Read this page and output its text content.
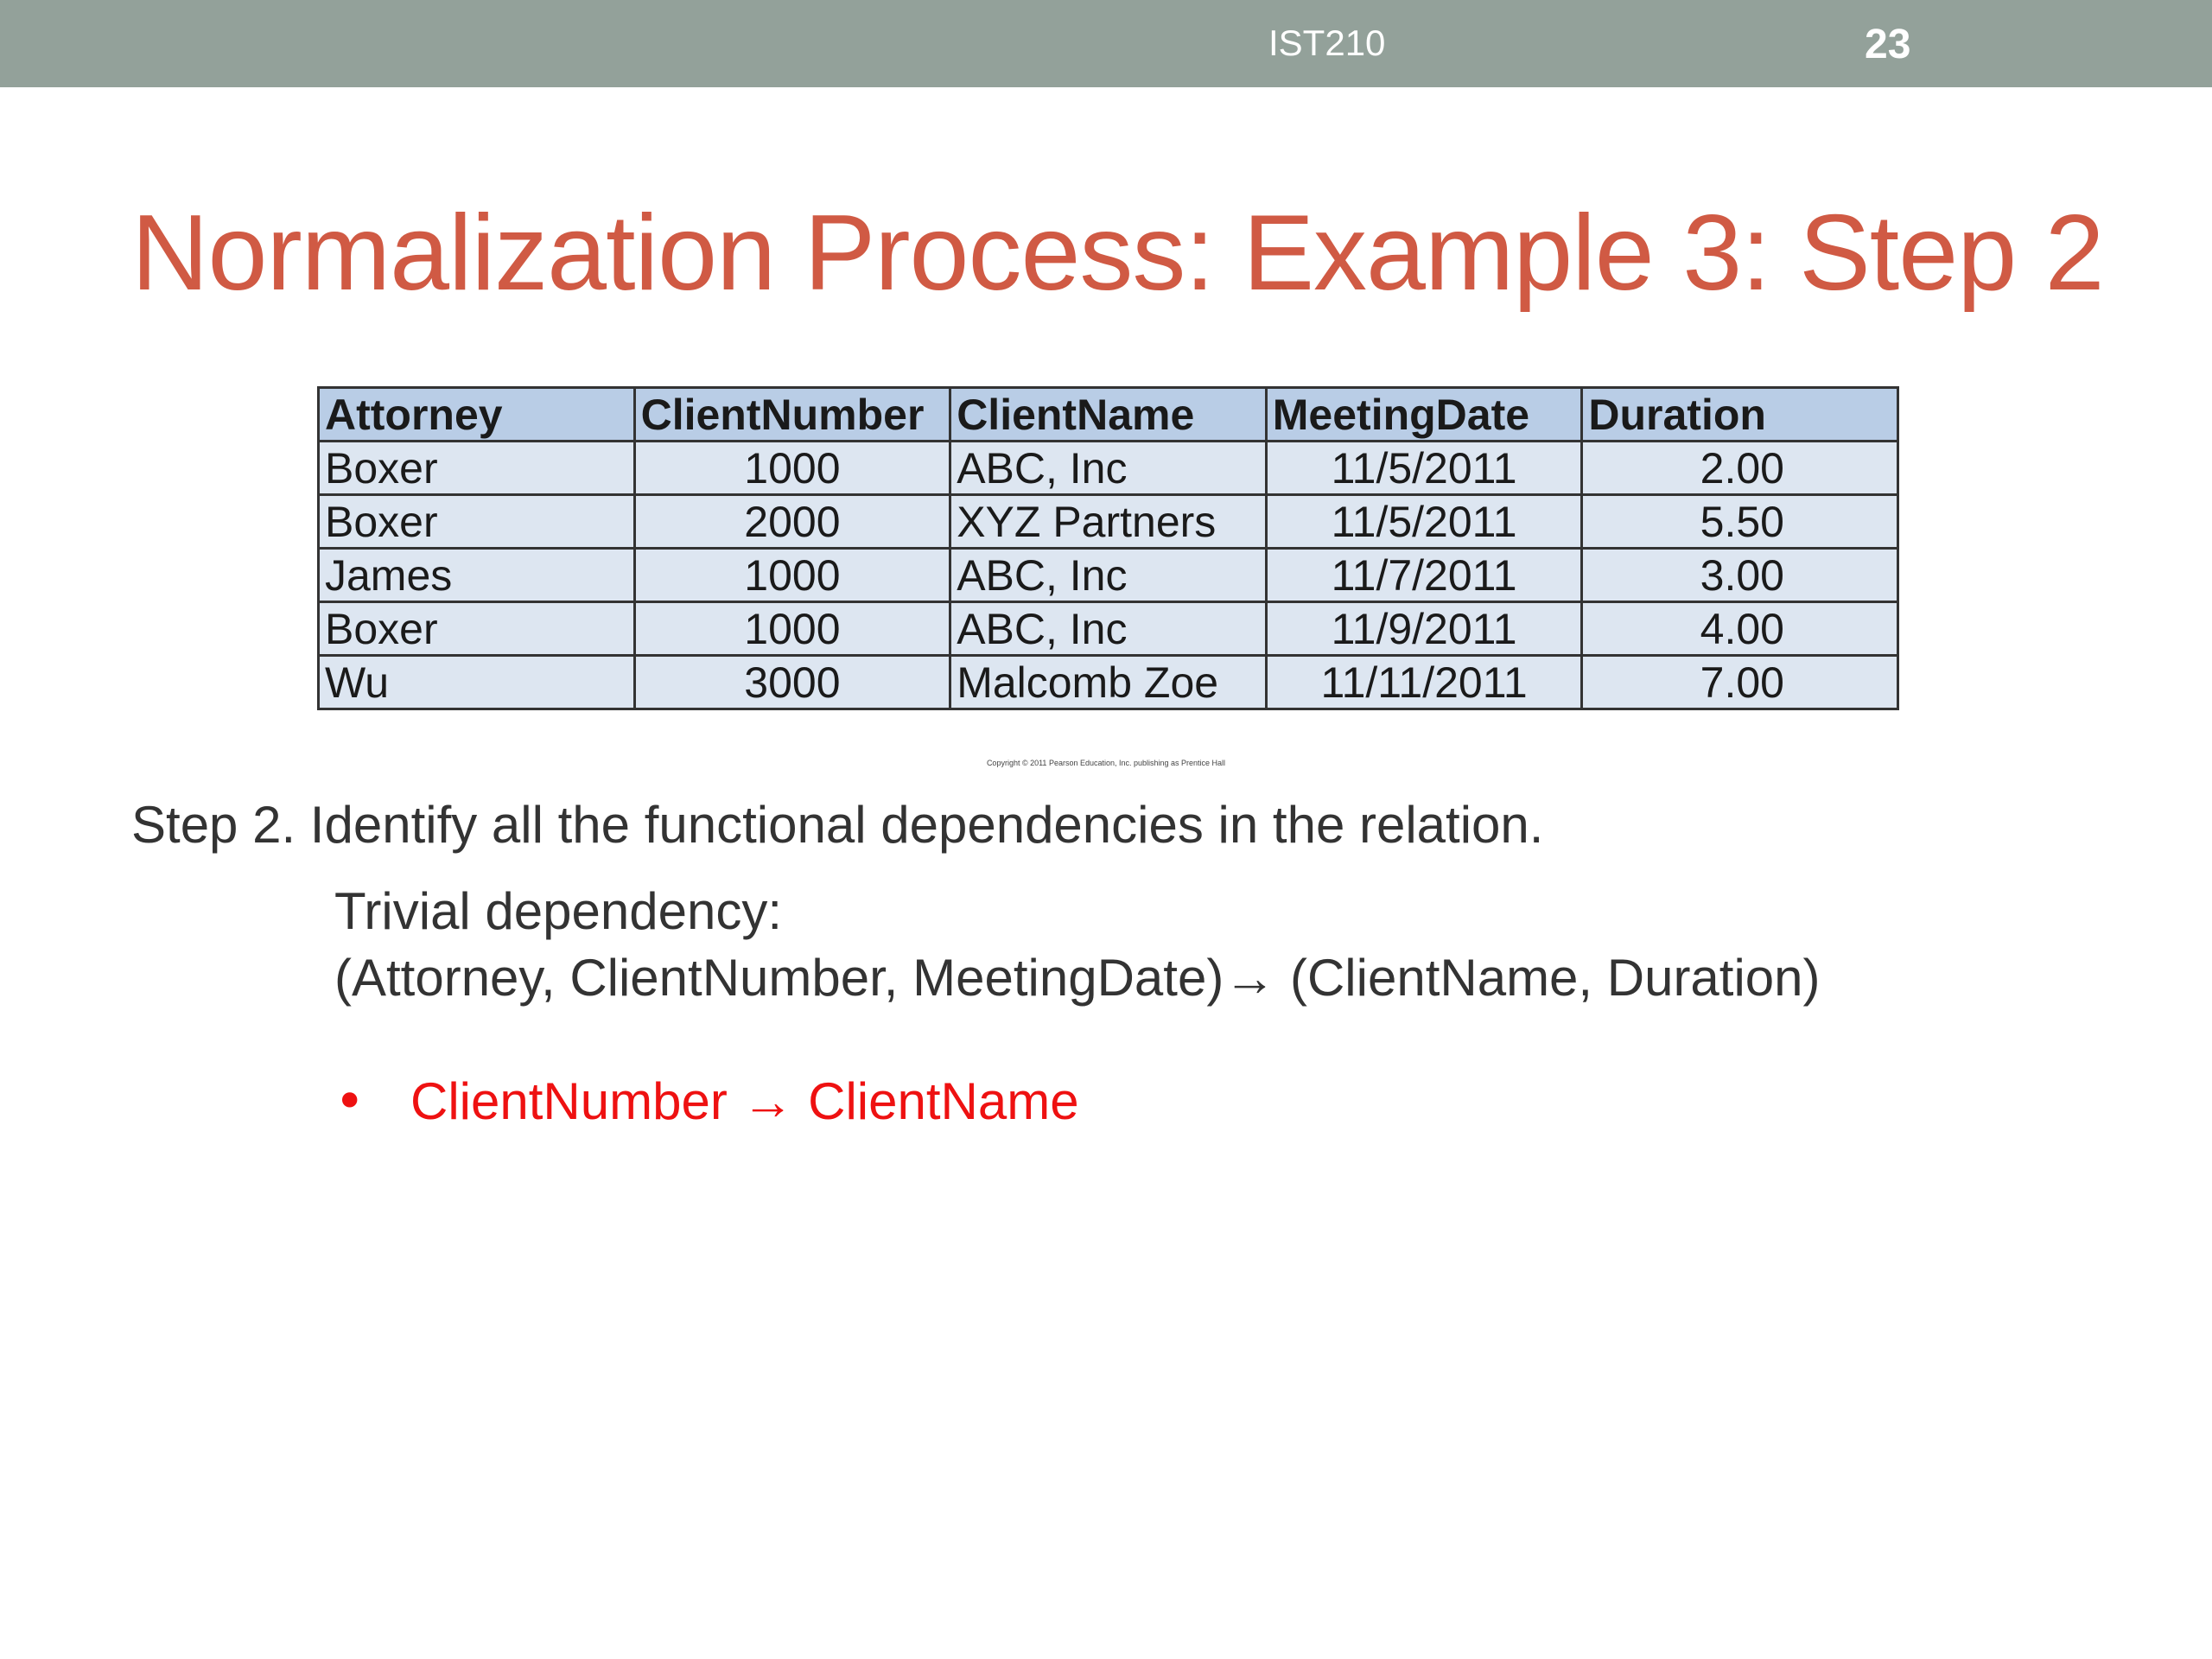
IST210	23
Normalization Process: Example 3: Step 2
Attorney	ClientNumber	ClientName	MeetingDate	Duration
Boxer	1000	ABC, Inc	11/5/2011	2.00
Boxer	2000	XYZ Partners	11/5/2011	5.50
James	1000	ABC, Inc	11/7/2011	3.00
Boxer	1000	ABC, Inc	11/9/2011	4.00
Wu	3000	Malcomb Zoe	11/11/2011	7.00
Copyright © 2011 Pearson Education, Inc. publishing as Prentice Hall
Step 2. Identify all the functional dependencies in the relation.
Trivial dependency:
(Attorney, ClientNumber, MeetingDate)→ (ClientName, Duration)
• ClientNumber → ClientName
